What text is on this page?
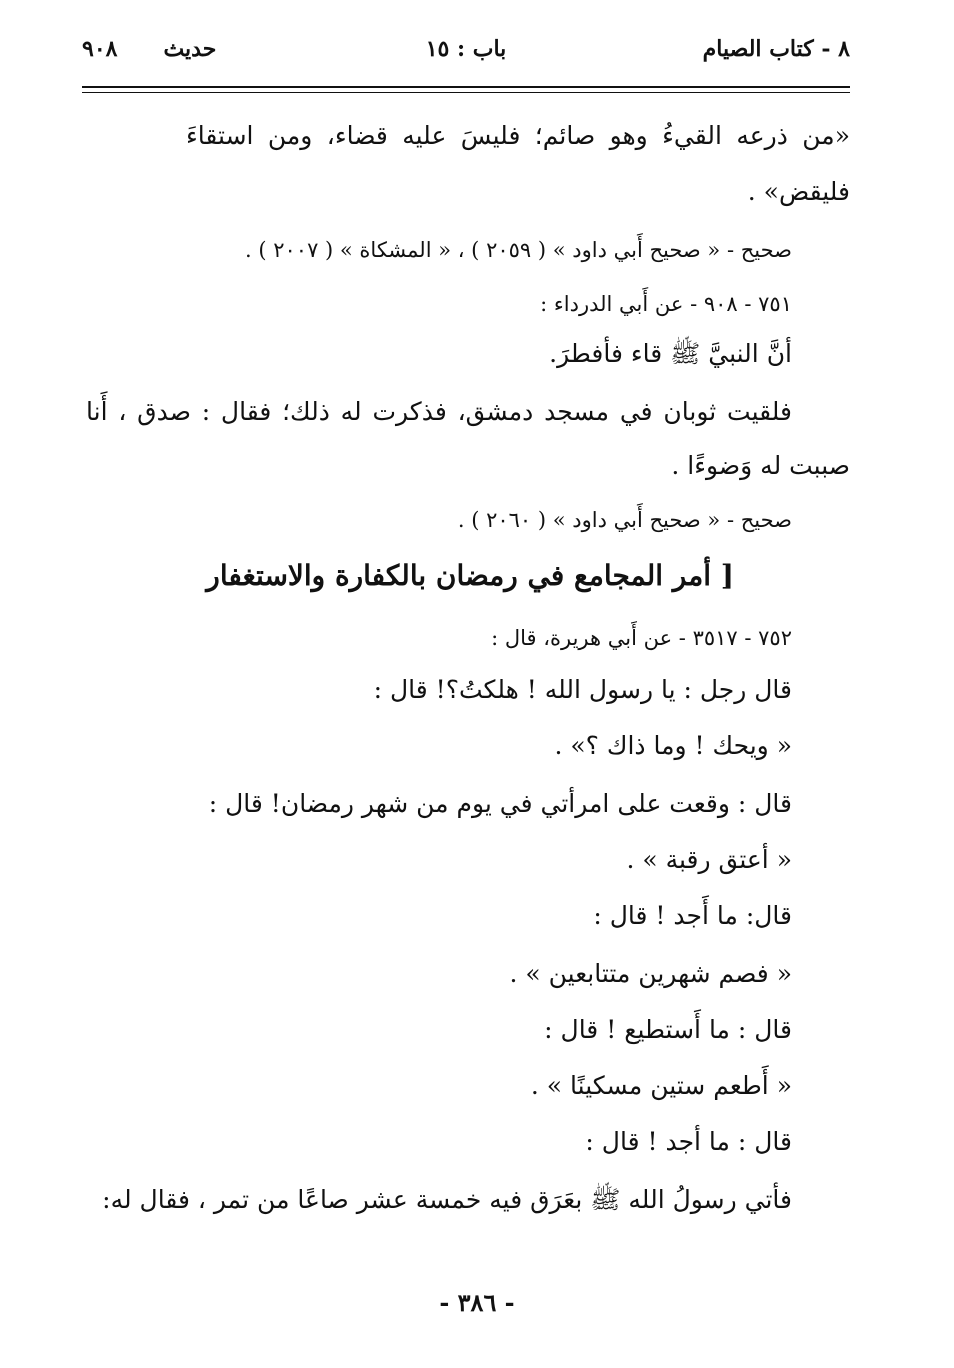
٨ - كتاب الصيام
باب : ١٥
حديث٩٠٨
«من ذرعه القيءُ وهو صائم؛ فليسَ عليه قضاء، ومن استقاءَ
فليقض» .
صحيح - « صحيح أَبي داود » ( ٢٠٥٩ ) ، « المشكاة » ( ٢٠٠٧ ) .
٧٥١ - ٩٠٨ - عن أَبي الدرداء :
أنَّ النبيَّ ﷺ قاء فأفطرَ.
فلقيت ثوبان في مسجد دمشق، فذكرت له ذلك؛ فقال : صدق ، أَنا
صببت له وَضوءًا .
صحيح - « صحيح أَبي داود » ( ٢٠٦٠ ) .
[ أمر المجامع في رمضان بالكفارة والاستغفار
٧٥٢ - ٣٥١٧ - عن أَبي هريرة، قال :
قال رجل : يا رسول الله ! هلكتُ؟! قال :
« ويحك ! وما ذاك ؟» .
قال : وقعت على امرأتي في يوم من شهر رمضان! قال :
« أعتق رقبة » .
قال: ما أَجد ! قال :
« فصم شهرين متتابعين » .
قال : ما أَستطيع ! قال :
« أَطعم ستين مسكينًا » .
قال : ما أجد ! قال :
فأتي رسولُ الله ﷺ بعَرَق فيه خمسة عشر صاعًا من تمر ، فقال له:
- ٣٨٦ -
